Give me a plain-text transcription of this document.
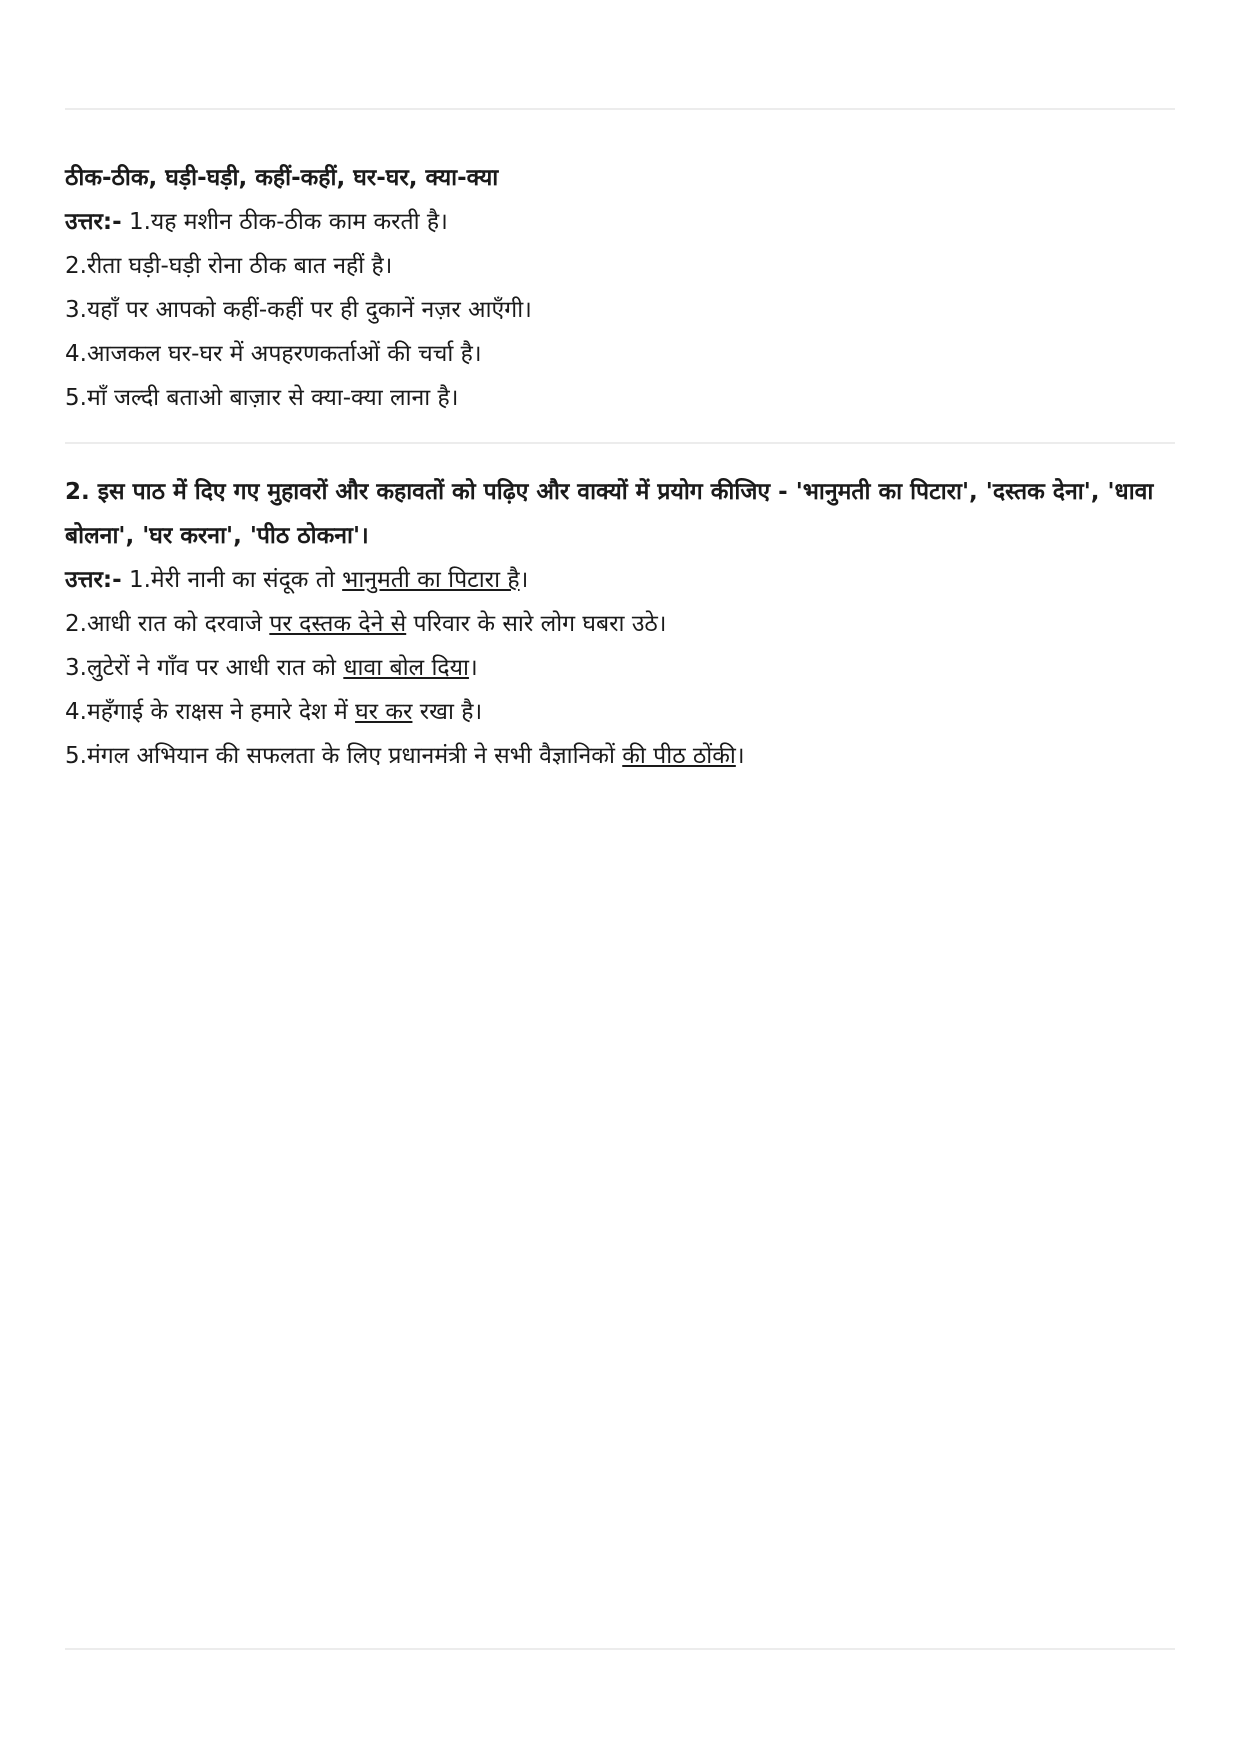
ठीक-ठीक, घड़ी-घड़ी, कहीं-कहीं, घर-घर, क्या-क्या

उत्तर:- 1.यह मशीन ठीक-ठीक काम करती है।

2.रीता घड़ी-घड़ी रोना ठीक बात नहीं है।

3.यहाँ पर आपको कहीं-कहीं पर ही दुकानें नज़र आएँगी।

4.आजकल घर-घर में अपहरणकर्ताओं की चर्चा है।

5.माँ जल्दी बताओ बाज़ार से क्या-क्या लाना है।

2. इस पाठ में दिए गए मुहावरों और कहावतों को पढ़िए और वाक्यों में प्रयोग कीजिए - 'भानुमती का पिटारा', 'दस्तक देना', 'धावा बोलना', 'घर करना', 'पीठ ठोकना'।

उत्तर:- 1.मेरी नानी का संदूक तो भानुमती का पिटारा है।

2.आधी रात को दरवाजे पर दस्तक देने से परिवार के सारे लोग घबरा उठे।

3.लुटेरों ने गाँव पर आधी रात को धावा बोल दिया।

4.महँगाई के राक्षस ने हमारे देश में घर कर रखा है।

5.मंगल अभियान की सफलता के लिए प्रधानमंत्री ने सभी वैज्ञानिकों की पीठ ठोंकी।
